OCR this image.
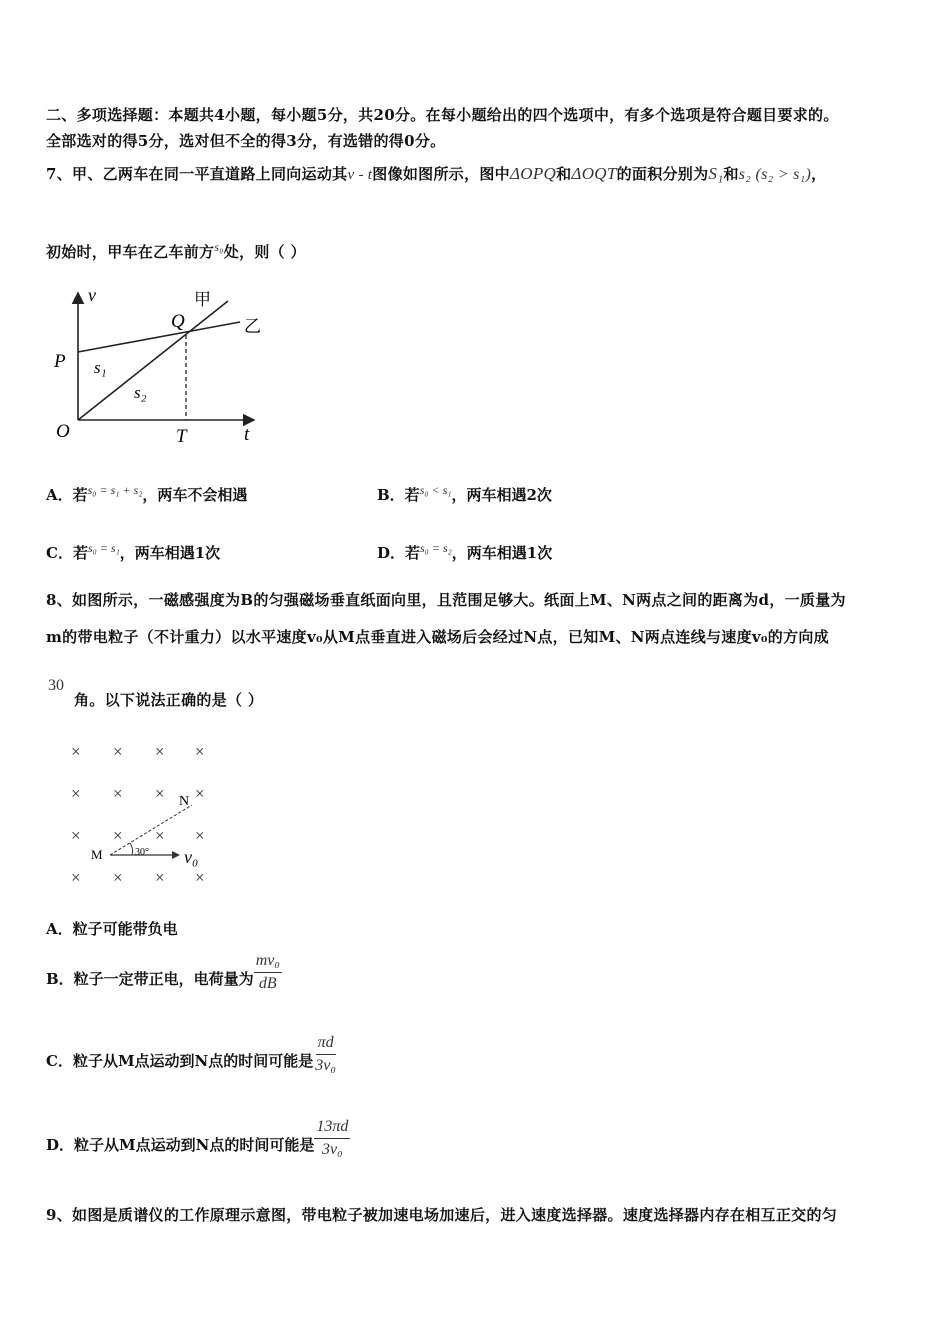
二、多项选择题：本题共4小题，每小题5分，共20分。在每小题给出的四个选项中，有多个选项是符合题目要求的。
全部选对的得5分，选对但不全的得3分，有选错的得0分。
7、甲、乙两车在同一平直道路上同向运动其v - t图像如图所示，图中ΔOPQ和ΔOQT的面积分别为S₁和s₂ (s₂ > s₁)，
初始时，甲车在乙车前方$^{s_0}$处，则（ ）
v
P
O
Q
甲
乙
s₁
s₂
T	t
A．若$^{s_0 = s_1 + s_2}$，两车不会相遇	B．若$^{s_0 < s_1}$，两车相遇2次
C．若$^{s_0 = s_1}$，两车相遇1次	D．若$^{s_0 = s_2}$，两车相遇1次
8、如图所示，一磁感强度为B的匀强磁场垂直纸面向里，且范围足够大。纸面上M、N两点之间的距离为d，一质量为
m的带电粒子（不计重力）以水平速度v₀从M点垂直进入磁场后会经过N点，已知M、N两点连线与速度v₀的方向成
30
角。以下说法正确的是（ ）
× × × ×
× × × ×
× × × ×
× × × ×
M
N
30° v₀
A．粒子可能带负电
B．粒子一定带正电，电荷量为 $\frac{\text{mv₀}}{dB}$
C．粒子从M点运动到N点的时间可能是 $\frac{\pi d}{\text{3v₀}}$
D．粒子从M点运动到N点的时间可能是 $\frac{13\pi d}{\text{3v₀}}$
9、如图是质谱仪的工作原理示意图，带电粒子被加速电场加速后，进入速度选择器。速度选择器内存在相互正交的匀
